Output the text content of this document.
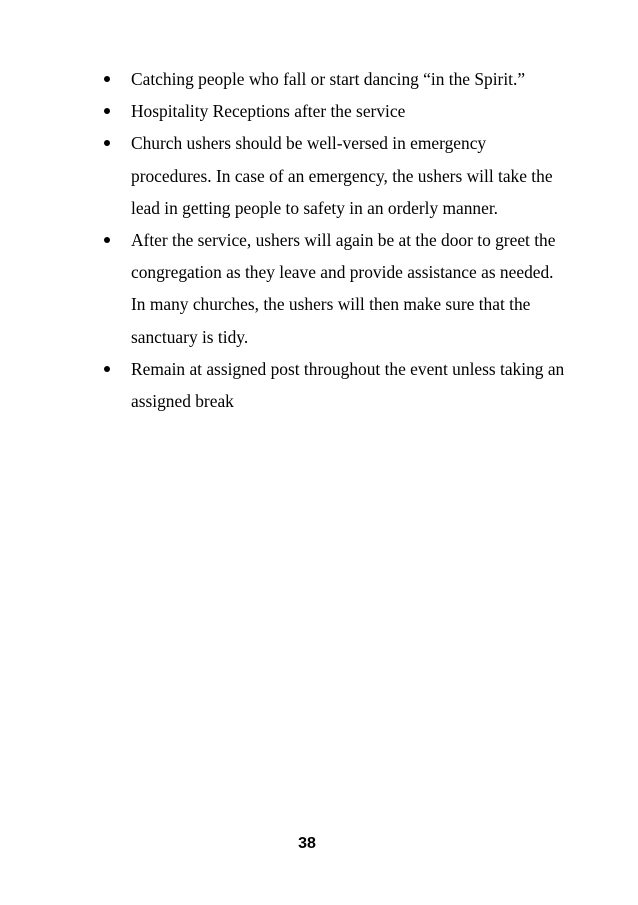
Catching people who fall or start dancing “in the Spirit.”
Hospitality Receptions after the service
Church ushers should be well-versed in emergency procedures. In case of an emergency, the ushers will take the lead in getting people to safety in an orderly manner.
After the service, ushers will again be at the door to greet the congregation as they leave and provide assistance as needed. In many churches, the ushers will then make sure that the sanctuary is tidy.
Remain at assigned post throughout the event unless taking an assigned break
38
